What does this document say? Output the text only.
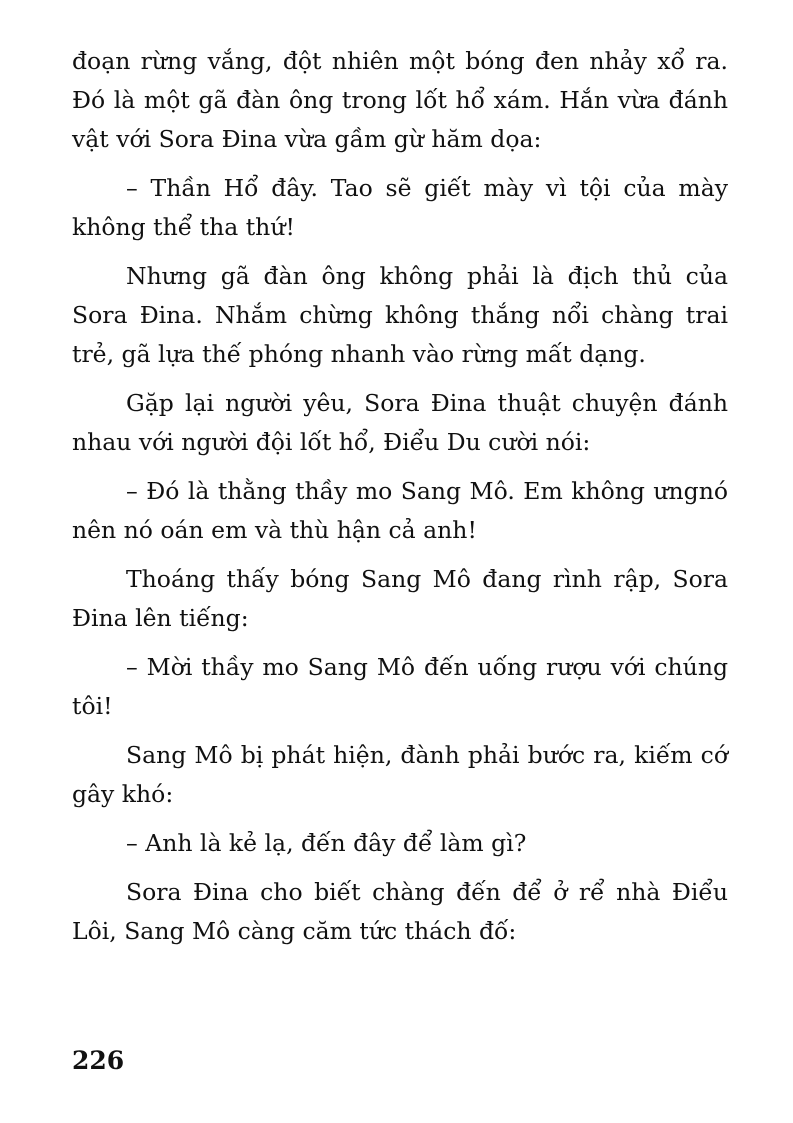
đoạn rừng vắng, đột nhiên một bóng đen nhảy xổ ra. Đó là một gã đàn ông trong lốt hổ xám. Hắn vừa đánh vật với Sora Đina vừa gầm gừ hăm dọa:

– Thần Hổ đây. Tao sẽ giết mày vì tội của mày không thể tha thứ!

Nhưng gã đàn ông không phải là địch thủ của Sora Đina. Nhắm chừng không thắng nổi chàng trai trẻ, gã lựa thế phóng nhanh vào rừng mất dạng.

Gặp lại người yêu, Sora Đina thuật chuyện đánh nhau với người đội lốt hổ, Điểu Du cười nói:

– Đó là thằng thầy mo Sang Mô. Em không ưngnó nên nó oán em và thù hận cả anh!

Thoáng thấy bóng Sang Mô đang rình rập, Sora Đina lên tiếng:

– Mời thầy mo Sang Mô đến uống rượu với chúng tôi!

Sang Mô bị phát hiện, đành phải bước ra, kiếm cớ gây khó:

– Anh là kẻ lạ, đến đây để làm gì?

Sora Đina cho biết chàng đến để ở rể nhà Điểu Lôi, Sang Mô càng căm tức thách đố:

226
